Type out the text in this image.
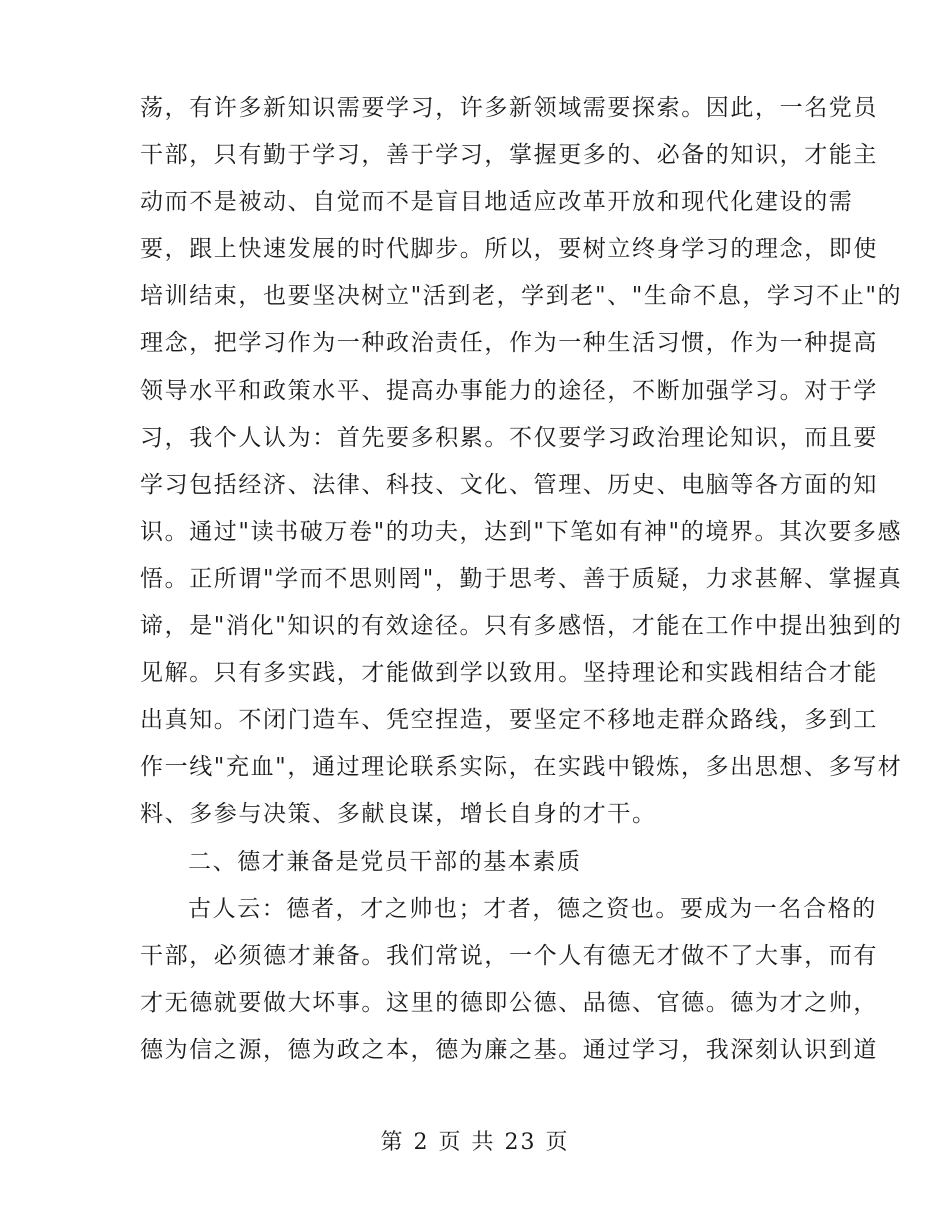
荡，有许多新知识需要学习，许多新领域需要探索。因此，一名党员
干部，只有勤于学习，善于学习，掌握更多的、必备的知识，才能主
动而不是被动、自觉而不是盲目地适应改革开放和现代化建设的需
要，跟上快速发展的时代脚步。所以，要树立终身学习的理念，即使
培训结束，也要坚决树立"活到老，学到老"、"生命不息，学习不止"的
理念，把学习作为一种政治责任，作为一种生活习惯，作为一种提高
领导水平和政策水平、提高办事能力的途径，不断加强学习。对于学
习，我个人认为：首先要多积累。不仅要学习政治理论知识，而且要
学习包括经济、法律、科技、文化、管理、历史、电脑等各方面的知
识。通过"读书破万卷"的功夫，达到"下笔如有神"的境界。其次要多感
悟。正所谓"学而不思则罔"，勤于思考、善于质疑，力求甚解、掌握真
谛，是"消化"知识的有效途径。只有多感悟，才能在工作中提出独到的
见解。只有多实践，才能做到学以致用。坚持理论和实践相结合才能
出真知。不闭门造车、凭空捏造，要坚定不移地走群众路线，多到工
作一线"充血"，通过理论联系实际，在实践中锻炼，多出思想、多写材
料、多参与决策、多献良谋，增长自身的才干。
二、德才兼备是党员干部的基本素质
古人云：德者，才之帅也；才者，德之资也。要成为一名合格的
干部，必须德才兼备。我们常说，一个人有德无才做不了大事，而有
才无德就要做大坏事。这里的德即公德、品德、官德。德为才之帅，
德为信之源，德为政之本，德为廉之基。通过学习，我深刻认识到道
第 2 页 共 23 页
